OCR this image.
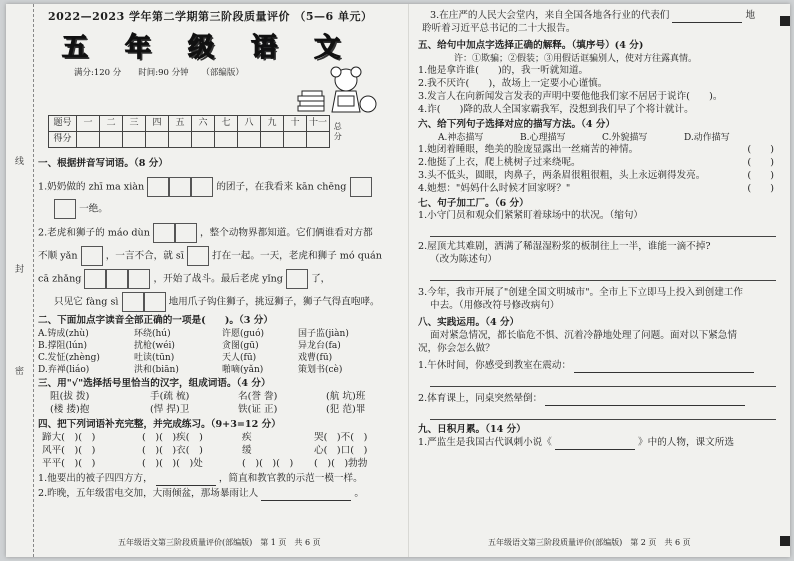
线
封
密
2022—2023 学年第二学期第三阶段质量评价 （5—6 单元）
五 年 级 语 文
满分:120 分　　时间:90 分钟　　（部编版）
题号	一	二	三	四	五	六	七	八	九	十	十一	总
分
得分												
一、根据拼音写词语。（8 分）
1.奶奶做的 zhī ma xiàn	的团子，在我看来 kān chēng
一绝。
2.老虎和狮子的 máo dùn	，整个动物界都知道。它们俩谁看对方都
不顺 yǎn	，一言不合，就 sī	打在一起。一天，老虎和狮子 mó quán
cā zhǎng	，开始了战斗。最后老虎 yǐng	了，
只见它 fàng sì	地用爪子钩住狮子，挑逗狮子，狮子气得直咆哮。
二、下面加点字读音全部正确的一项是(　　)。（3 分）
A.铸成(zhù)	环绕(hú)	许愿(guó)	国子监(jiàn)
B.撑阻(lún)	扰枪(wéi)	贪图(gū)	异龙台(fa)
C.发怔(zhèng)	吐读(tūn)	天人(fū)	戏曹(fū)
D.弃禅(liáo)	洪和(biān)	啪嘀(yǎn)	策划书(cè)
三、用"√"选择括号里恰当的汉字，组成词语。（4 分）
阻(拔 拨)	手(疏 梳)	名(誉 誊)	(航 坑)班
(楼 搂)抱	(悍 捍)卫	铁(证 正)	(犯 范)罪
四、把下列词语补充完整，并完成练习。（9+3=12 分）
蹄大(　)(　)	(　)(　)疾(　)	疾	哭(　)不(　)
风平(　)(　)	(　)(　)衣(　)	缓	心(　)口(　)
平平(　)(　)	(　)(　)(　)处	(　)(　)(　) (　)(　)勃勃
1.他要出的被子四四方方，	，简直和教官教的示范一模一样。
2.昨晚，五年级雷电交加，大雨倾盆，那场暴雨让人	。
3.在庄严的人民大会堂内，来自全国各地各行业的代表们	地
聆听着习近平总书记的二十大报告。
五、给句中加点字选择正确的解释。（填序号）(4 分)
许：①欺骗；②假装；③用假话诓骗别人，使对方往露真情。
1.他是拿许谁(　　)的，我一听就知道。
2.我不厌许(　　)，故场上一定要小心谨慎。
3.发言人在向新闻发言发表的声明中要他他我们家不居居于说诈(　　)。
4.诈(　　)降的敌人全国家霸我军，没想到我们早了个将计就计。
六、给下列句子选择对应的描写方法。（4 分）
A.神态描写	B.心理描写	C.外貌描写	D.动作描写
1.她闭着睡眼，绝美的脸庞显露出一丝痛苦的神情。	(　　)
2.他挺了上衣，爬上桃树子过来绕呢。	(　　)
3.头不低头，圆眼，肉鼻子，两条眉很粗很粗，头上永远剃得发亮。	(　　)
4.她想："妈妈什么时候才回家呀？"	(　　)
七、句子加工厂。（6 分）
1.小守门员和观众们紧紧盯着球场中的状况。（缩句）
2.屋顶尤其难剧，洒满了稀湿湿粉浆的板制往上一半，谁能一滴不掉?
（改为陈述句）
3.今年，我市开展了"创建全国文明城市"。全市上下立即马上投入到创建工作
中去。（用修改符号修改病句）
八、实践运用。（4 分）
面对紧急情况，都长临危不惧、沉着冷静地处理了问题。面对以下紧急情
况，你会怎么做？
1.午休时间，你感受到教室在震动：
2.体育课上，同桌突然晕倒：
九、日积月累。（14 分）
1.严监生是我国古代讽刺小说《	》中的人物，课文所选
